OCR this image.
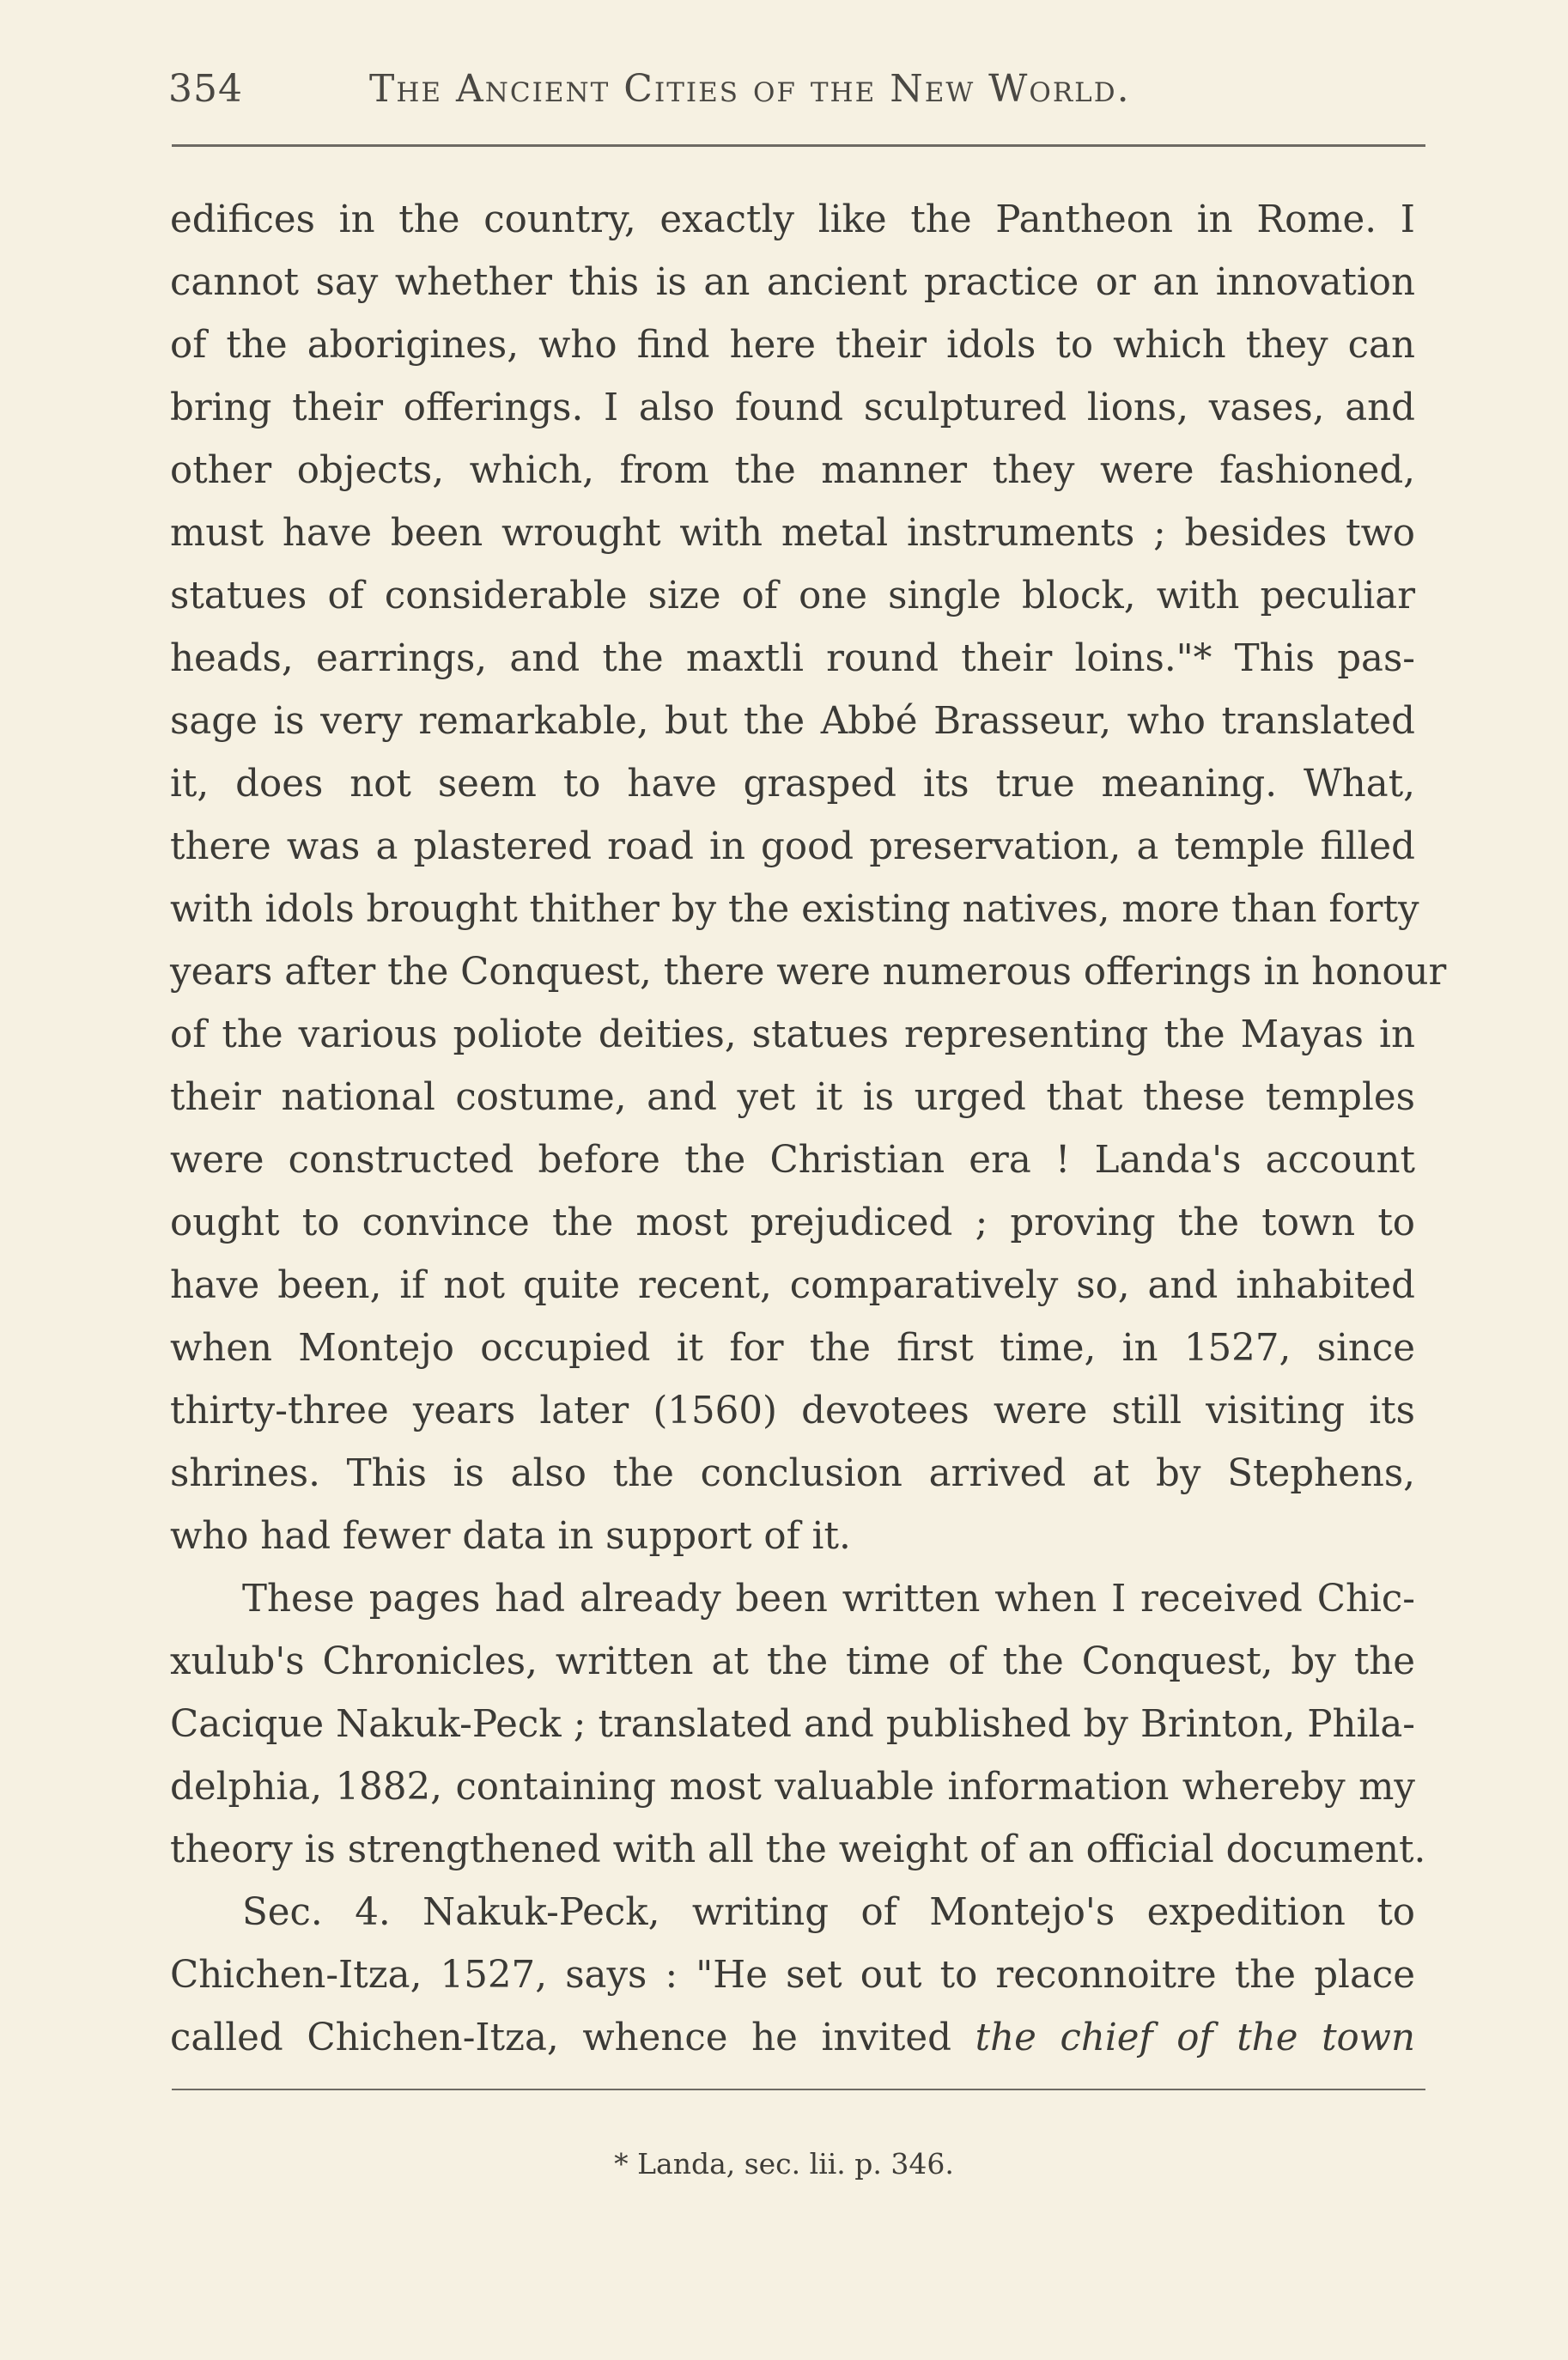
354	The Ancient Cities of the New World.
edifices in the country, exactly like the Pantheon in Rome. I
cannot say whether this is an ancient practice or an innovation
of the aborigines, who find here their idols to which they can
bring their offerings. I also found sculptured lions, vases, and
other objects, which, from the manner they were fashioned,
must have been wrought with metal instruments ; besides two
statues of considerable size of one single block, with peculiar
heads, earrings, and the maxtli round their loins."* This pas-
sage is very remarkable, but the Abbé Brasseur, who translated
it, does not seem to have grasped its true meaning. What,
there was a plastered road in good preservation, a temple filled
with idols brought thither by the existing natives, more than forty
years after the Conquest, there were numerous offerings in honour
of the various poliote deities, statues representing the Mayas in
their national costume, and yet it is urged that these temples
were constructed before the Christian era ! Landa's account
ought to convince the most prejudiced ; proving the town to
have been, if not quite recent, comparatively so, and inhabited
when Montejo occupied it for the first time, in 1527, since
thirty-three years later (1560) devotees were still visiting its
shrines. This is also the conclusion arrived at by Stephens,
who had fewer data in support of it.
These pages had already been written when I received Chic-
xulub's Chronicles, written at the time of the Conquest, by the
Cacique Nakuk-Peck ; translated and published by Brinton, Phila-
delphia, 1882, containing most valuable information whereby my
theory is strengthened with all the weight of an official document.
Sec. 4. Nakuk-Peck, writing of Montejo's expedition to
Chichen-Itza, 1527, says : "He set out to reconnoitre the place
called Chichen-Itza, whence he invited the chief of the town
* Landa, sec. lii. p. 346.
